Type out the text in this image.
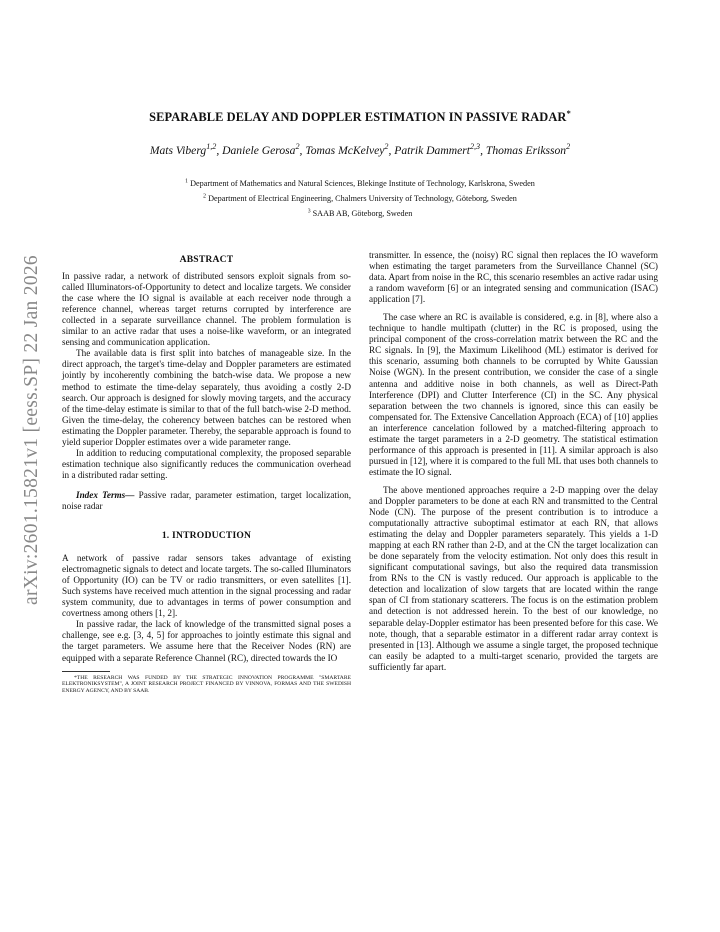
arXiv:2601.15821v1 [eess.SP] 22 Jan 2026
SEPARABLE DELAY AND DOPPLER ESTIMATION IN PASSIVE RADAR*
Mats Viberg$^{1,2}$, Daniele Gerosa$^2$, Tomas McKelvey$^2$, Patrik Dammert$^{2,3}$, Thomas Eriksson$^2$
$^1$ Department of Mathematics and Natural Sciences, Blekinge Institute of Technology, Karlskrona, Sweden
$^2$ Department of Electrical Engineering, Chalmers University of Technology, Göteborg, Sweden
$^3$ SAAB AB, Göteborg, Sweden
ABSTRACT

In passive radar, a network of distributed sensors exploit signals from so-called Illuminators-of-Opportunity to detect and localize targets. We consider the case where the IO signal is available at each receiver node through a reference channel, whereas target returns corrupted by interference are collected in a separate surveillance channel. The problem formulation is similar to an active radar that uses a noise-like waveform, or an integrated sensing and communication application.

The available data is first split into batches of manageable size. In the direct approach, the target's time-delay and Doppler parameters are estimated jointly by incoherently combining the batch-wise data. We propose a new method to estimate the time-delay separately, thus avoiding a costly 2-D search. Our approach is designed for slowly moving targets, and the accuracy of the time-delay estimate is similar to that of the full batch-wise 2-D method. Given the time-delay, the coherency between batches can be restored when estimating the Doppler parameter. Thereby, the separable approach is found to yield superior Doppler estimates over a wide parameter range.

In addition to reducing computational complexity, the proposed separable estimation technique also significantly reduces the communication overhead in a distributed radar setting.

Index Terms— Passive radar, parameter estimation, target localization, noise radar

1. INTRODUCTION

A network of passive radar sensors takes advantage of existing electromagnetic signals to detect and locate targets. The so-called Illuminators of Opportunity (IO) can be TV or radio transmitters, or even satellites [1]. Such systems have received much attention in the signal processing and radar system community, due to advantages in terms of power consumption and covertness among others [1, 2].

In passive radar, the lack of knowledge of the transmitted signal poses a challenge, see e.g. [3, 4, 5] for approaches to jointly estimate this signal and the target parameters. We assume here that the Receiver Nodes (RN) are equipped with a separate Reference Channel (RC), directed towards the IO

*THE RESEARCH WAS FUNDED BY THE STRATEGIC INNOVATION PROGRAMME "SMARTARE ELEKTRONIKSYSTEM", A JOINT RESEARCH PROJECT FINANCED BY VINNOVA, FORMAS AND THE SWEDISH ENERGY AGENCY, AND BY SAAB.

transmitter. In essence, the (noisy) RC signal then replaces the IO waveform when estimating the target parameters from the Surveillance Channel (SC) data. Apart from noise in the RC, this scenario resembles an active radar using a random waveform [6] or an integrated sensing and communication (ISAC) application [7].

The case where an RC is available is considered, e.g. in [8], where also a technique to handle multipath (clutter) in the RC is proposed, using the principal component of the cross-correlation matrix between the RC and the RC signals. In [9], the Maximum Likelihood (ML) estimator is derived for this scenario, assuming both channels to be corrupted by White Gaussian Noise (WGN). In the present contribution, we consider the case of a single antenna and additive noise in both channels, as well as Direct-Path Interference (DPI) and Clutter Interference (CI) in the SC. Any physical separation between the two channels is ignored, since this can easily be compensated for. The Extensive Cancellation Approach (ECA) of [10] applies an interference cancelation followed by a matched-filtering approach to estimate the target parameters in a 2-D geometry. The statistical estimation performance of this approach is presented in [11]. A similar approach is also pursued in [12], where it is compared to the full ML that uses both channels to estimate the IO signal.

The above mentioned approaches require a 2-D mapping over the delay and Doppler parameters to be done at each RN and transmitted to the Central Node (CN). The purpose of the present contribution is to introduce a computationally attractive suboptimal estimator at each RN, that allows estimating the delay and Doppler parameters separately. This yields a 1-D mapping at each RN rather than 2-D, and at the CN the target localization can be done separately from the velocity estimation. Not only does this result in significant computational savings, but also the required data transmission from RNs to the CN is vastly reduced. Our approach is applicable to the detection and localization of slow targets that are located within the range span of CI from stationary scatterers. The focus is on the estimation problem and detection is not addressed herein. To the best of our knowledge, no separable delay-Doppler estimator has been presented before for this case. We note, though, that a separable estimator in a different radar array context is presented in [13]. Although we assume a single target, the proposed technique can easily be adapted to a multi-target scenario, provided the targets are sufficiently far apart.
